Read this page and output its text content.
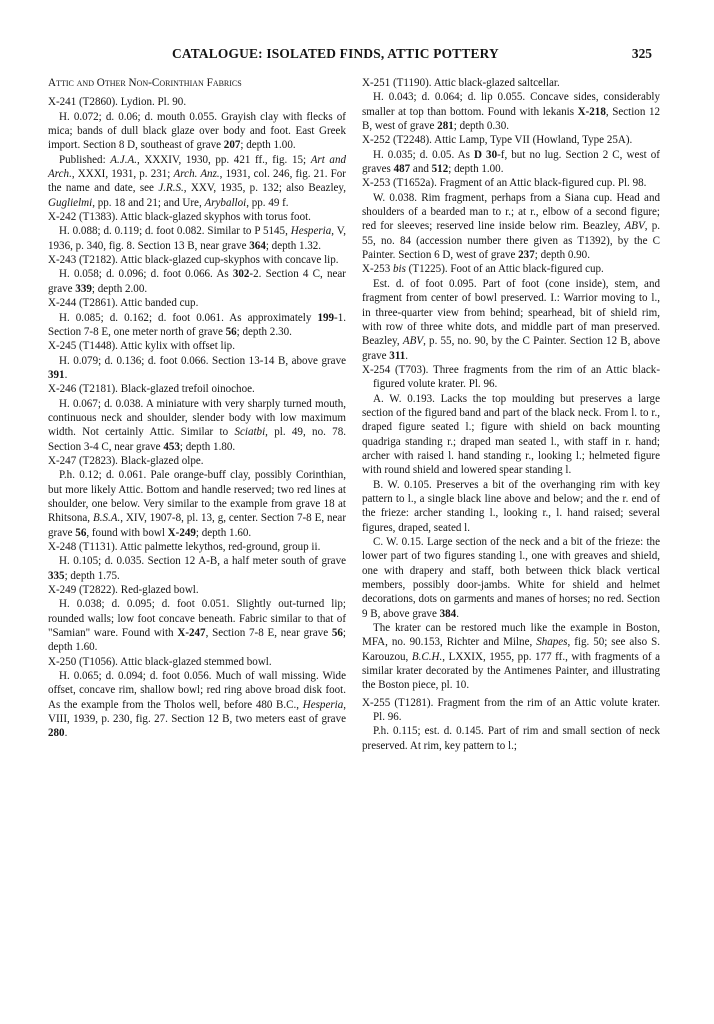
CATALOGUE: ISOLATED FINDS, ATTIC POTTERY	325

Attic and Other Non-Corinthian Fabrics

X-241 (T2860). Lydion. Pl. 90.

H. 0.072; d. 0.06; d. mouth 0.055. Grayish clay with flecks of mica; bands of dull black glaze over body and foot. East Greek import. Section 8 D, southeast of grave 207; depth 1.00.

Published: A.J.A., XXXIV, 1930, pp. 421 ff., fig. 15; Art and Arch., XXXI, 1931, p. 231; Arch. Anz., 1931, col. 246, fig. 21. For the name and date, see J.R.S., XXV, 1935, p. 132; also Beazley, Guglielmi, pp. 18 and 21; and Ure, Aryballoi, pp. 49 f.

X-242 (T1383). Attic black-glazed skyphos with torus foot.

H. 0.088; d. 0.119; d. foot 0.082. Similar to P 5145, Hesperia, V, 1936, p. 340, fig. 8. Section 13 B, near grave 364; depth 1.32.

X-243 (T2182). Attic black-glazed cup-skyphos with concave lip.

H. 0.058; d. 0.096; d. foot 0.066. As 302-2. Section 4 C, near grave 339; depth 2.00.

X-244 (T2861). Attic banded cup.

H. 0.085; d. 0.162; d. foot 0.061. As approximately 199-1. Section 7-8 E, one meter north of grave 56; depth 2.30.

X-245 (T1448). Attic kylix with offset lip.

H. 0.079; d. 0.136; d. foot 0.066. Section 13-14 B, above grave 391.

X-246 (T2181). Black-glazed trefoil oinochoe.

H. 0.067; d. 0.038. A miniature with very sharply turned mouth, continuous neck and shoulder, slender body with low maximum width. Not certainly Attic. Similar to Sciatbi, pl. 49, no. 78. Section 3-4 C, near grave 453; depth 1.80.

X-247 (T2823). Black-glazed olpe.

P.h. 0.12; d. 0.061. Pale orange-buff clay, possibly Corinthian, but more likely Attic. Bottom and handle reserved; two red lines at shoulder, one below. Very similar to the example from grave 18 at Rhitsona, B.S.A., XIV, 1907-8, pl. 13, g, center. Section 7-8 E, near grave 56, found with bowl X-249; depth 1.60.

X-248 (T1131). Attic palmette lekythos, red-ground, group ii.

H. 0.105; d. 0.035. Section 12 A-B, a half meter south of grave 335; depth 1.75.

X-249 (T2822). Red-glazed bowl.

H. 0.038; d. 0.095; d. foot 0.051. Slightly out-turned lip; rounded walls; low foot concave beneath. Fabric similar to that of "Samian" ware. Found with X-247, Section 7-8 E, near grave 56; depth 1.60.

X-250 (T1056). Attic black-glazed stemmed bowl.

H. 0.065; d. 0.094; d. foot 0.056. Much of wall missing. Wide offset, concave rim, shallow bowl; red ring above broad disk foot. As the example from the Tholos well, before 480 B.C., Hesperia, VIII, 1939, p. 230, fig. 27. Section 12 B, two meters east of grave 280.

X-251 (T1190). Attic black-glazed saltcellar.

H. 0.043; d. 0.064; d. lip 0.055. Concave sides, considerably smaller at top than bottom. Found with lekanis X-218, Section 12 B, west of grave 281; depth 0.30.

X-252 (T2248). Attic Lamp, Type VII (Howland, Type 25A).

H. 0.035; d. 0.05. As D 30-f, but no lug. Section 2 C, west of graves 487 and 512; depth 1.00.

X-253 (T1652a). Fragment of an Attic black-figured cup. Pl. 98.

W. 0.038. Rim fragment, perhaps from a Siana cup. Head and shoulders of a bearded man to r.; at r., elbow of a second figure; red for sleeves; reserved line inside below rim. Beazley, ABV, p. 55, no. 84 (accession number there given as T1392), by the C Painter. Section 6 D, west of grave 237; depth 0.90.

X-253 bis (T1225). Foot of an Attic black-figured cup.

Est. d. of foot 0.095. Part of foot (cone inside), stem, and fragment from center of bowl preserved. I.: Warrior moving to l., in three-quarter view from behind; spearhead, bit of shield rim, with row of three white dots, and middle part of man preserved. Beazley, ABV, p. 55, no. 90, by the C Painter. Section 12 B, above grave 311.

X-254 (T703). Three fragments from the rim of an Attic black-figured volute krater. Pl. 96.

A. W. 0.193. Lacks the top moulding but preserves a large section of the figured band and part of the black neck. From l. to r., draped figure seated l.; figure with shield on back mounting quadriga standing r.; draped man seated l., with staff in r. hand; archer with raised l. hand standing r., looking l.; helmeted figure with round shield and lowered spear standing l.

B. W. 0.105. Preserves a bit of the overhanging rim with key pattern to l., a single black line above and below; and the r. end of the frieze: archer standing l., looking r., l. hand raised; several figures, draped, seated l.

C. W. 0.15. Large section of the neck and a bit of the frieze: the lower part of two figures standing l., one with greaves and shield, one with drapery and staff, both between thick black vertical members, possibly door-jambs. White for shield and helmet decorations, dots on garments and manes of horses; no red. Section 9 B, above grave 384.

The krater can be restored much like the example in Boston, MFA, no. 90.153, Richter and Milne, Shapes, fig. 50; see also S. Karouzou, B.C.H., LXXIX, 1955, pp. 177 ff., with fragments of a similar krater decorated by the Antimenes Painter, and illustrating the Boston piece, pl. 10.

X-255 (T1281). Fragment from the rim of an Attic volute krater. Pl. 96.

P.h. 0.115; est. d. 0.145. Part of rim and small section of neck preserved. At rim, key pattern to l.;
